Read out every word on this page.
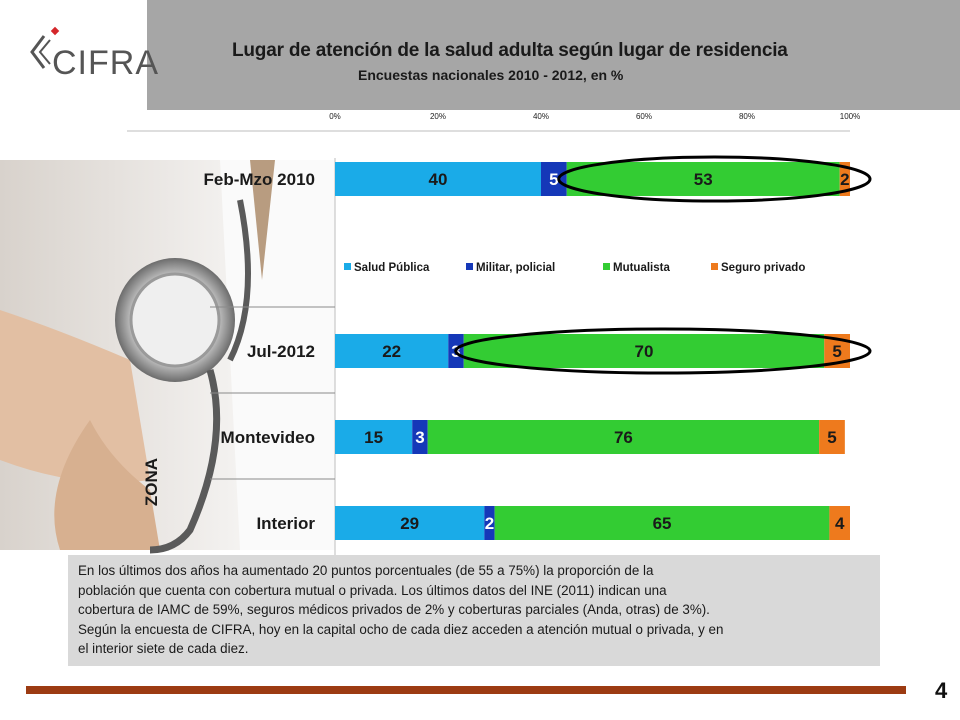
CIFRA	Lugar de atención de la salud adulta según lugar de residencia
Encuestas nacionales 2010 - 2012, en %
0%	20%	40%	60%	80%	100%
Feb-Mzo 2010	40	5	53	2
Jul-2012	22	3	70	5
Montevideo	15 3	76	5
Interior	29	2	65	4
ZONA
Salud Pública	Militar, policial	Mutualista	Seguro privado
En los últimos dos años ha aumentado 20 puntos porcentuales (de 55 a 75%) la proporción de la
población que cuenta con cobertura mutual o privada. Los últimos datos del INE (2011) indican una
cobertura de IAMC de 59%, seguros médicos privados de 2% y coberturas parciales (Anda, otras) de 3%).
Según la encuesta de CIFRA, hoy en la capital ocho de cada diez acceden a atención mutual o privada, y en
el interior siete de cada diez.
4
